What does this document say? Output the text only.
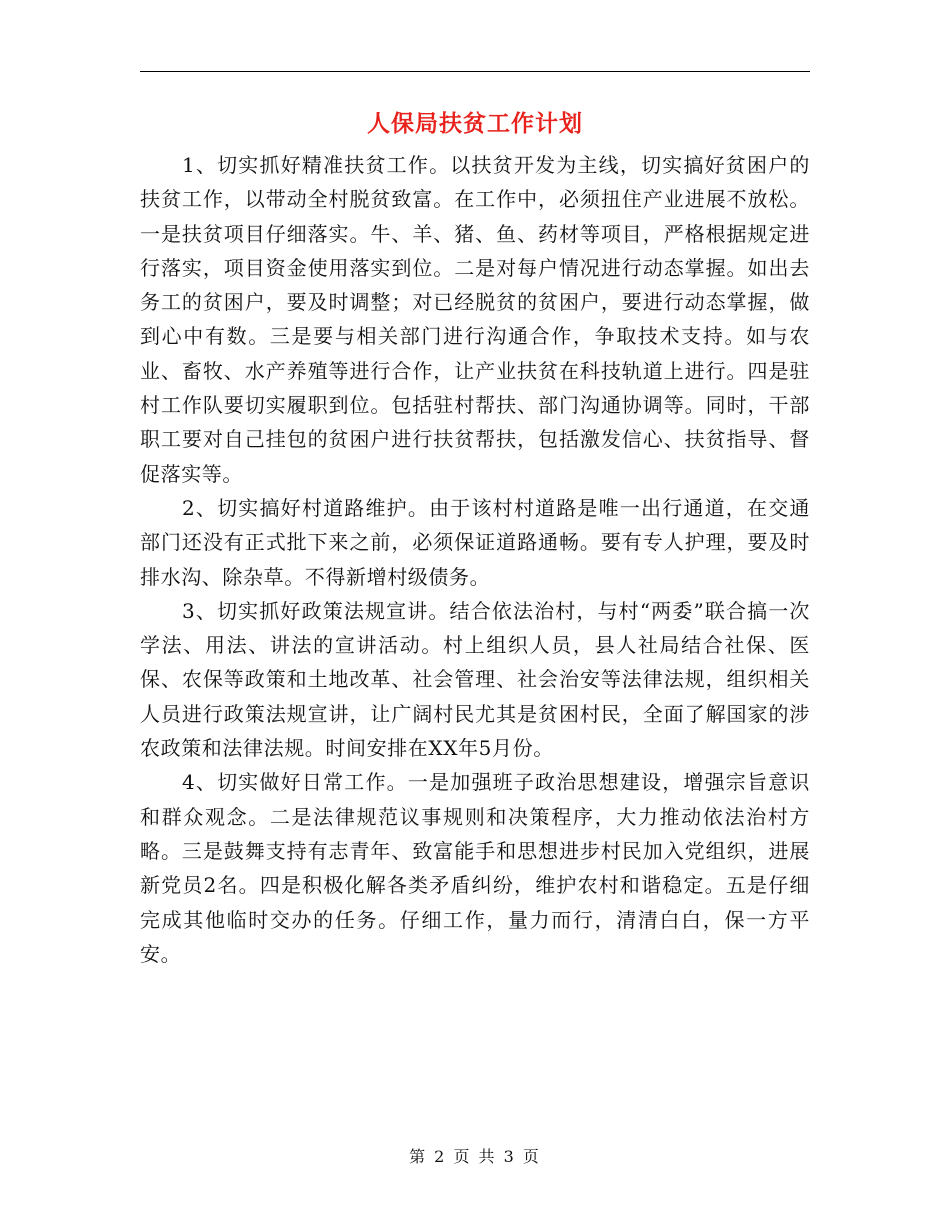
人保局扶贫工作计划

1、切实抓好精准扶贫工作。以扶贫开发为主线，切实搞好贫困户的扶贫工作，以带动全村脱贫致富。在工作中，必须扭住产业进展不放松。一是扶贫项目仔细落实。牛、羊、猪、鱼、药材等项目，严格根据规定进行落实，项目资金使用落实到位。二是对每户情况进行动态掌握。如出去务工的贫困户，要及时调整；对已经脱贫的贫困户，要进行动态掌握，做到心中有数。三是要与相关部门进行沟通合作，争取技术支持。如与农业、畜牧、水产养殖等进行合作，让产业扶贫在科技轨道上进行。四是驻村工作队要切实履职到位。包括驻村帮扶、部门沟通协调等。同时，干部职工要对自己挂包的贫困户进行扶贫帮扶，包括激发信心、扶贫指导、督促落实等。

2、切实搞好村道路维护。由于该村村道路是唯一出行通道，在交通部门还没有正式批下来之前，必须保证道路通畅。要有专人护理，要及时排水沟、除杂草。不得新增村级债务。

3、切实抓好政策法规宣讲。结合依法治村，与村“两委”联合搞一次学法、用法、讲法的宣讲活动。村上组织人员，县人社局结合社保、医保、农保等政策和土地改革、社会管理、社会治安等法律法规，组织相关人员进行政策法规宣讲，让广阔村民尤其是贫困村民，全面了解国家的涉农政策和法律法规。时间安排在XX年5月份。

4、切实做好日常工作。一是加强班子政治思想建设，增强宗旨意识和群众观念。二是法律规范议事规则和决策程序，大力推动依法治村方略。三是鼓舞支持有志青年、致富能手和思想进步村民加入党组织，进展新党员2名。四是积极化解各类矛盾纠纷，维护农村和谐稳定。五是仔细完成其他临时交办的任务。仔细工作，量力而行，清清白白，保一方平安。

第 2 页 共 3 页
